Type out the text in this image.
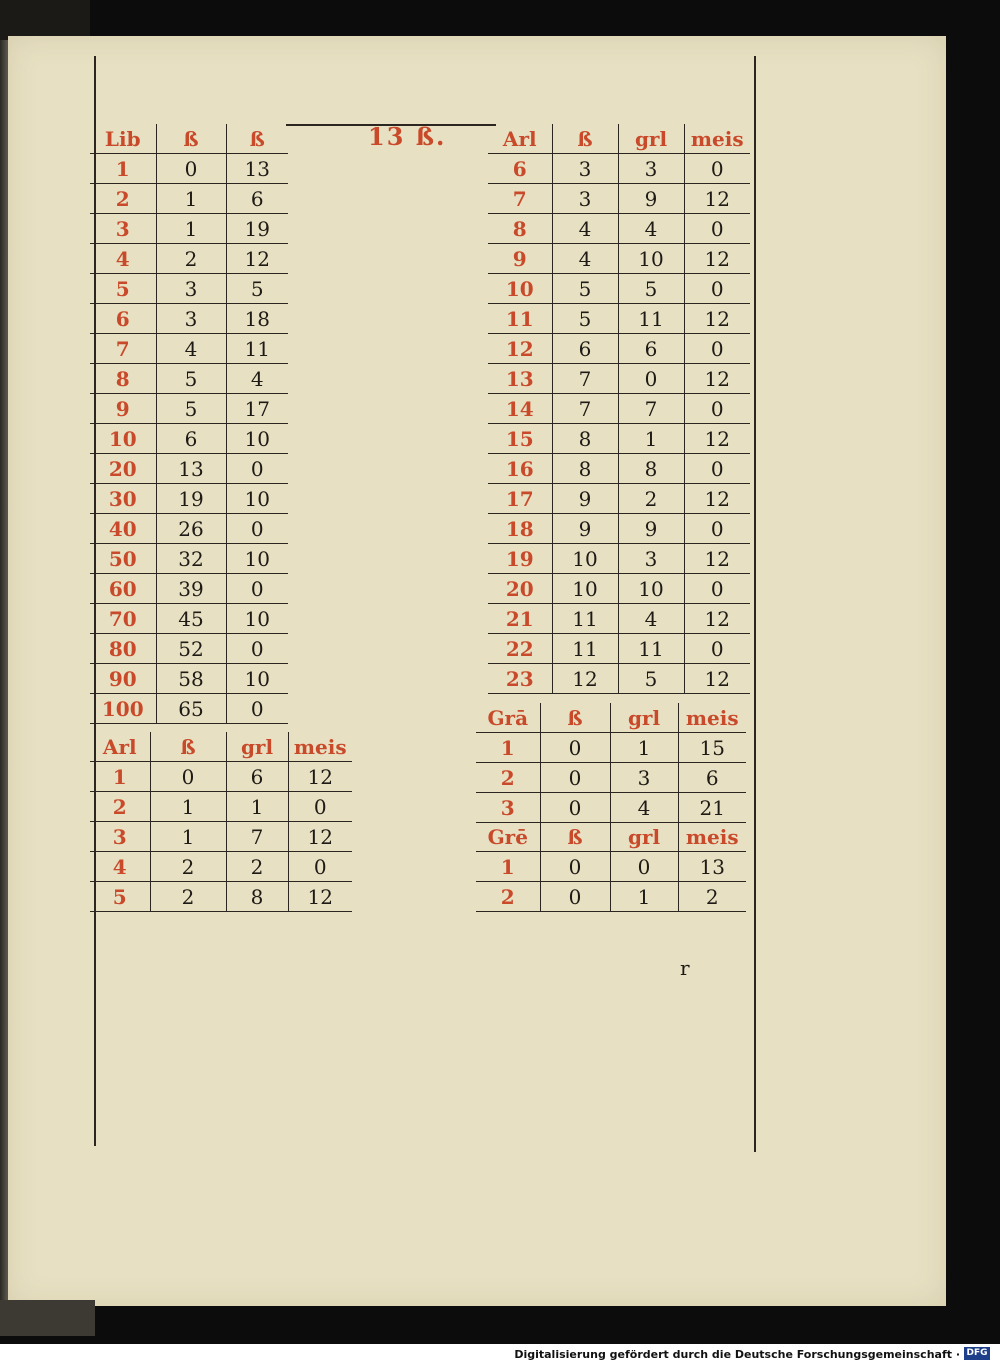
13 ß.
Lib	ß	ß
1	0	13
2	1	6
3	1	19
4	2	12
5	3	5
6	3	18
7	4	11
8	5	4
9	5	17
10	6	10
20	13	0
30	19	10
40	26	0
50	32	10
60	39	0
70	45	10
80	52	0
90	58	10
100	65	0
Arl	ß	grl	meis
1	0	6	12
2	1	1	0
3	1	7	12
4	2	2	0
5	2	8	12
Arl	ß	grl	meis
6	3	3	0
7	3	9	12
8	4	4	0
9	4	10	12
10	5	5	0
11	5	11	12
12	6	6	0
13	7	0	12
14	7	7	0
15	8	1	12
16	8	8	0
17	9	2	12
18	9	9	0
19	10	3	12
20	10	10	0
21	11	4	12
22	11	11	0
23	12	5	12
Grā	ß	grl	meis
1	0	1	15
2	0	3	6
3	0	4	21
Grē	ß	grl	meis
1	0	0	13
2	0	1	2
r
Digitalisierung gefördert durch die Deutsche Forschungsgemeinschaft · DFG
